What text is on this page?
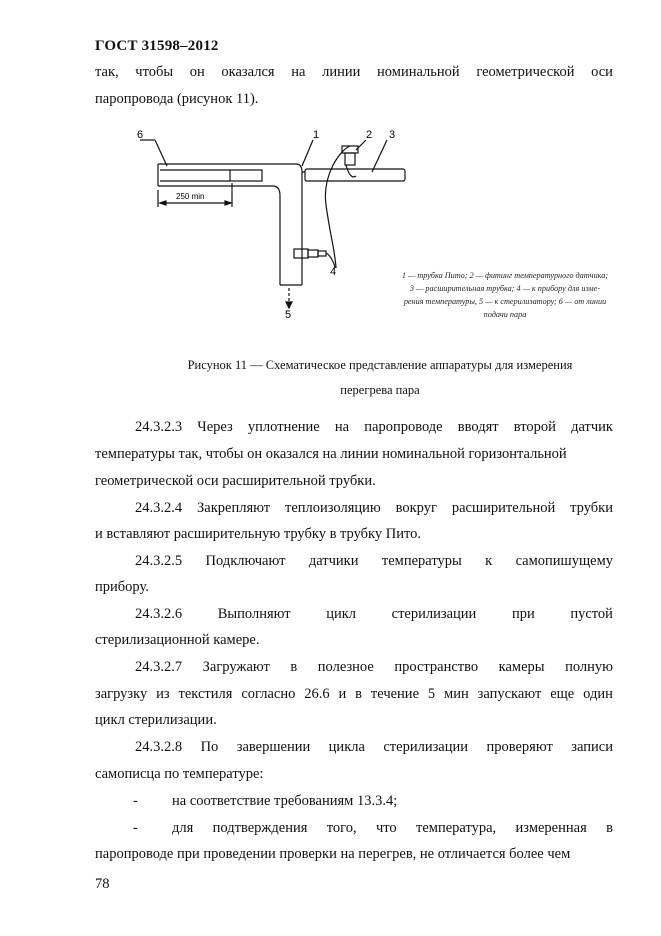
ГОСТ 31598–2012
так, чтобы он оказался на линии номинальной геометрической оси
паропровода (рисунок 11).
6	1	2 3
4
5
250 min
1 — трубка Пито; 2 — фитинг температурного датчика;
3 — расширительная трубка; 4 — к прибору для изме-
рения температуры, 5 — к стерилизатору; 6 — от линии
подачи пара
Рисунок 11 — Схематическое представление аппаратуры для измерения
перегрева пара
24.3.2.3 Через уплотнение на паропроводе вводят второй датчик
температуры так, чтобы он оказался на линии номинальной горизонтальной
геометрической оси расширительной трубки.
24.3.2.4 Закрепляют теплоизоляцию вокруг расширительной трубки
и вставляют расширительную трубку в трубку Пито.
24.3.2.5 Подключают датчики температуры к самопишущему
прибору.
24.3.2.6 Выполняют цикл стерилизации при пустой
стерилизационной камере.
24.3.2.7 Загружают в полезное пространство камеры полную
загрузку из текстиля согласно 26.6 и в течение 5 мин запускают еще один
цикл стерилизации.
24.3.2.8 По завершении цикла стерилизации проверяют записи
самописца по температуре:
- на соответствие требованиям 13.3.4;
- для подтверждения того, что температура, измеренная в
паропроводе при проведении проверки на перегрев, не отличается более чем
78
